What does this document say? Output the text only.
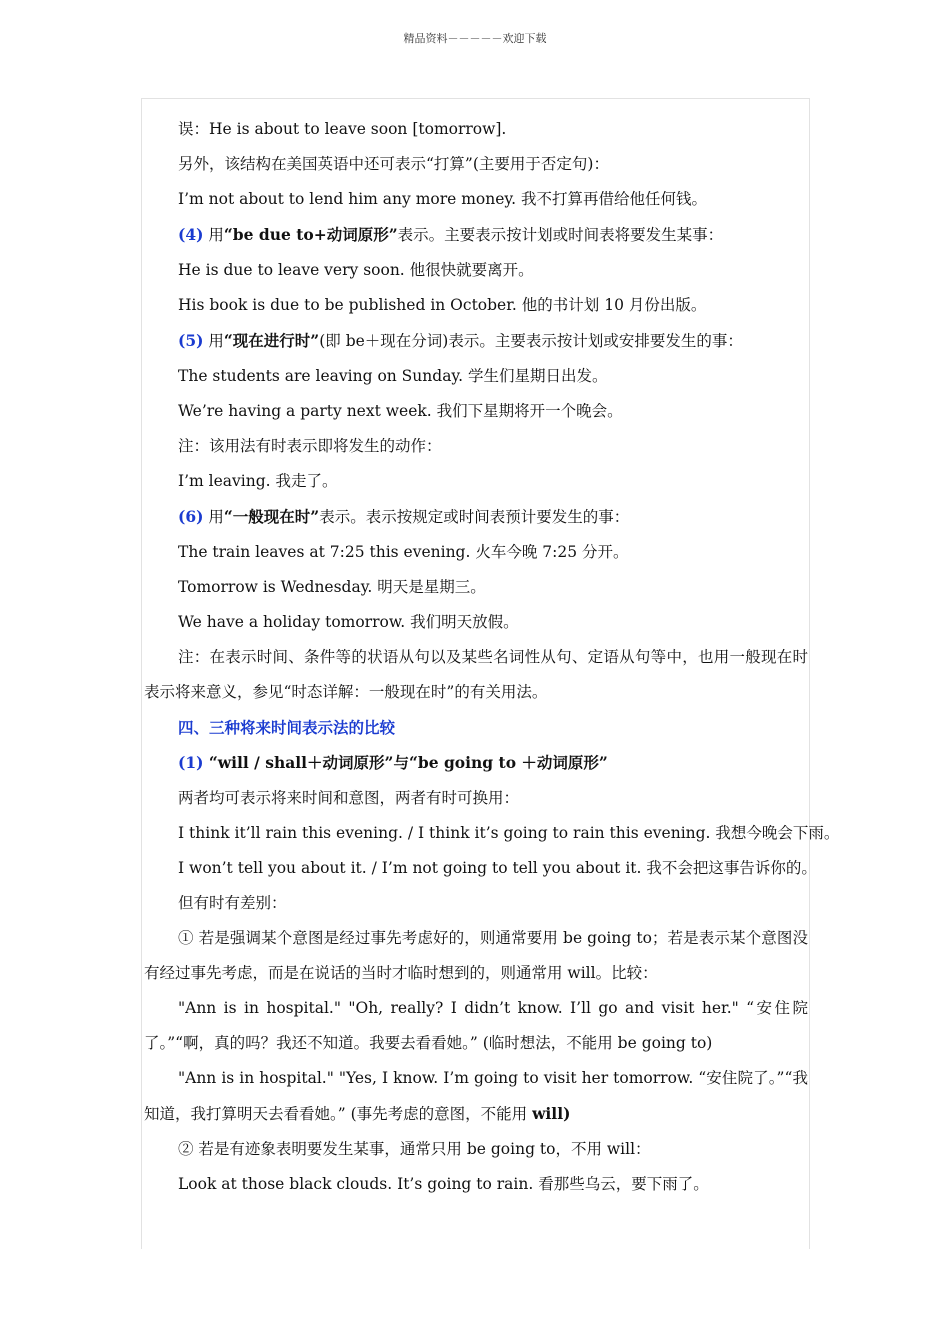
精品资料－－－－－欢迎下载

误：He is about to leave soon [tomorrow].

另外，该结构在美国英语中还可表示“打算”(主要用于否定句)：

I’m not about to lend him any more money. 我不打算再借给他任何钱。

(4) 用“be due to+动词原形”表示。主要表示按计划或时间表将要发生某事：

He is due to leave very soon. 他很快就要离开。

His book is due to be published in October. 他的书计划 10 月份出版。

(5) 用“现在进行时”(即 be＋现在分词)表示。主要表示按计划或安排要发生的事：

The students are leaving on Sunday. 学生们星期日出发。

We’re having a party next week. 我们下星期将开一个晚会。

注：该用法有时表示即将发生的动作：

I’m leaving. 我走了。

(6) 用“一般现在时”表示。表示按规定或时间表预计要发生的事：

The train leaves at 7:25 this evening. 火车今晚 7:25 分开。

Tomorrow is Wednesday. 明天是星期三。

We have a holiday tomorrow. 我们明天放假。

注：在表示时间、条件等的状语从句以及某些名词性从句、定语从句等中，也用一般现在时表示将来意义，参见“时态详解：一般现在时”的有关用法。

四、三种将来时间表示法的比较

(1) “will / shall＋动词原形”与“be going to ＋动词原形”

两者均可表示将来时间和意图，两者有时可换用：

I think it’ll rain this evening. / I think it’s going to rain this evening. 我想今晚会下雨。

I won’t tell you about it. / I’m not going to tell you about it. 我不会把这事告诉你的。

但有时有差别：

① 若是强调某个意图是经过事先考虑好的，则通常要用 be going to；若是表示某个意图没有经过事先考虑，而是在说话的当时才临时想到的，则通常用 will。比较：

"Ann is in hospital." "Oh, really? I didn’t know. I’ll go and visit her." “安住院了。”“啊，真的吗？我还不知道。我要去看看她。” (临时想法，不能用 be going to)

"Ann is in hospital." "Yes, I know. I’m going to visit her tomorrow. “安住院了。”“我知道，我打算明天去看看她。” (事先考虑的意图，不能用 will)

② 若是有迹象表明要发生某事，通常只用 be going to，不用 will：

Look at those black clouds. It’s going to rain. 看那些乌云，要下雨了。
